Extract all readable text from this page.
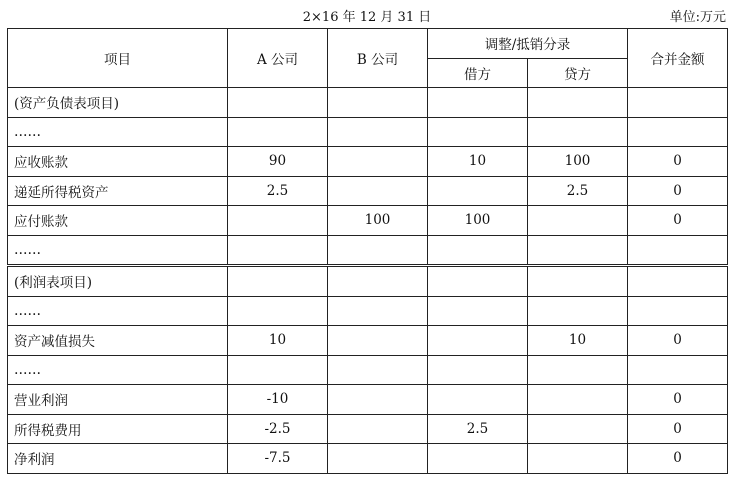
2×16 年 12 月 31 日	单位:万元
项目	A 公司	B 公司	调整/抵销分录		合并金额
			借方	贷方	
(资产负债表项目)					
……					
应收账款	90		10	100	0
递延所得税资产	2.5			2.5	0
应付账款		100	100		0
……					
(利润表项目)					
……					
资产减值损失	10			10	0
……					
营业利润	-10				0
所得税费用	-2.5		2.5		0
净利润	-7.5				0
